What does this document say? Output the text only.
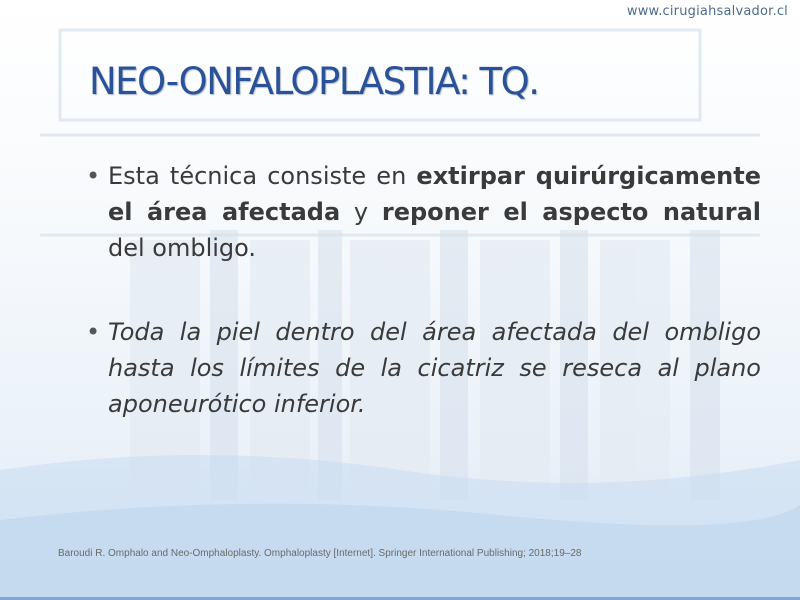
www.cirugiahsalvador.cl
NEO-ONFALOPLASTIA: TQ.
• Esta técnica consiste en extirpar quirúrgicamente el área afectada y reponer el aspecto natural del ombligo.
• Toda la piel dentro del área afectada del ombligo hasta los límites de la cicatriz se reseca al plano aponeurótico inferior.
Baroudi R. Omphalo and Neo-Omphaloplasty. Omphaloplasty [Internet]. Springer International Publishing; 2018;19–28
